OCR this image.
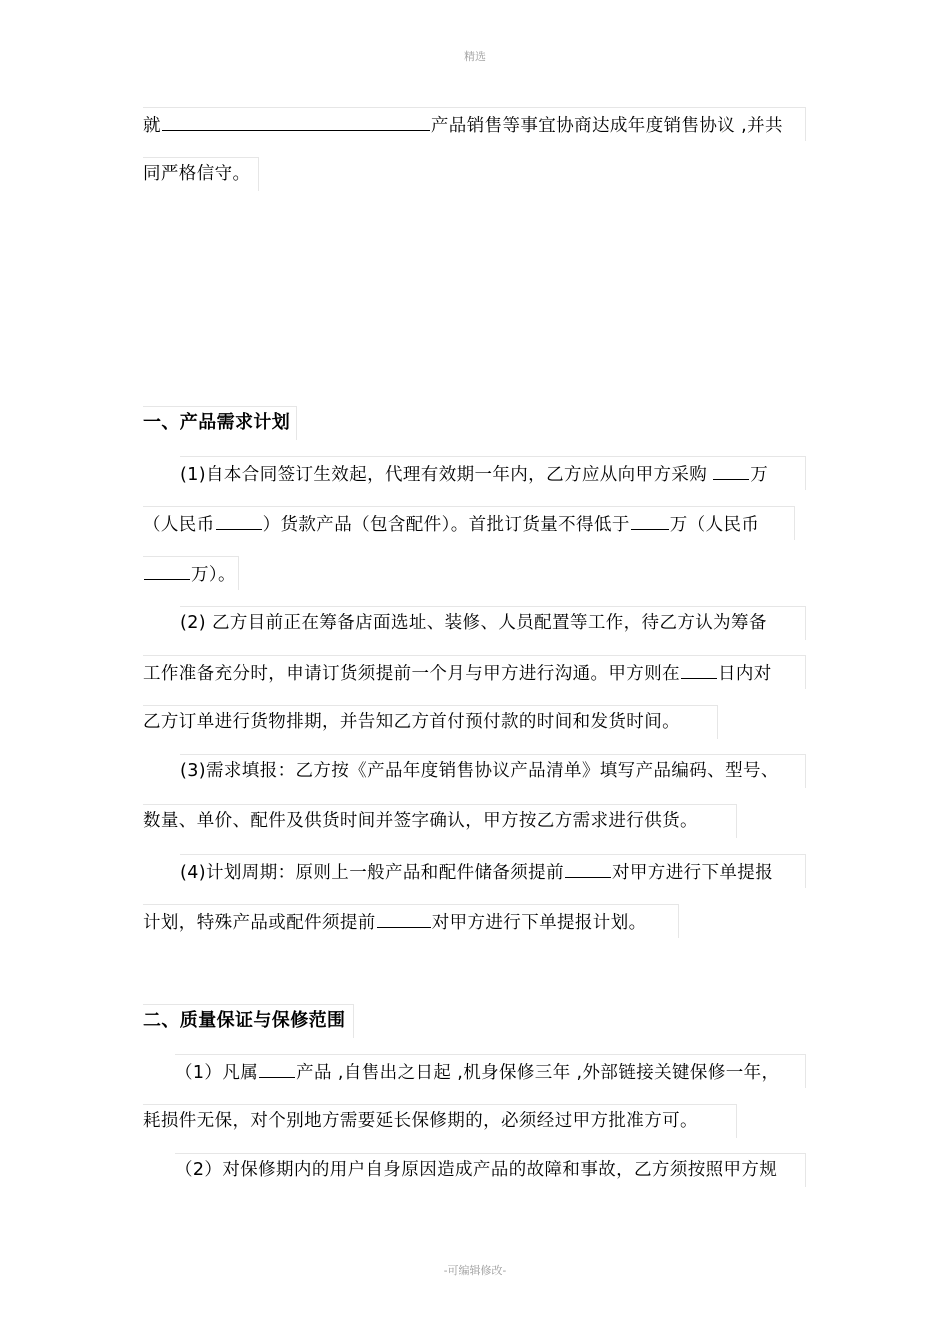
精选
就	产品销售等事宜协商达成年度销售协议 ,并共
同严格信守。
一、产品需求计划
(1)自本合同签订生效起，代理有效期一年内，乙方应从向甲方采购 万
（人民币	）货款产品（包含配件）。首批订货量不得低于 万（人民币
万）。
(2) 乙方目前正在筹备店面选址、装修、人员配置等工作，待乙方认为筹备
工作准备充分时，申请订货须提前一个月与甲方进行沟通。甲方则在 日内对
乙方订单进行货物排期，并告知乙方首付预付款的时间和发货时间。
(3)需求填报：乙方按《产品年度销售协议产品清单》填写产品编码、型号、
数量、单价、配件及供货时间并签字确认，甲方按乙方需求进行供货。
(4)计划周期：原则上一般产品和配件储备须提前	对甲方进行下单提报
计划，特殊产品或配件须提前	对甲方进行下单提报计划。
二、质量保证与保修范围
（1）凡属 产品 ,自售出之日起 ,机身保修三年 ,外部链接关键保修一年，
耗损件无保，对个别地方需要延长保修期的，必须经过甲方批准方可。
（2）对保修期内的用户自身原因造成产品的故障和事故，乙方须按照甲方规
-可编辑修改-
